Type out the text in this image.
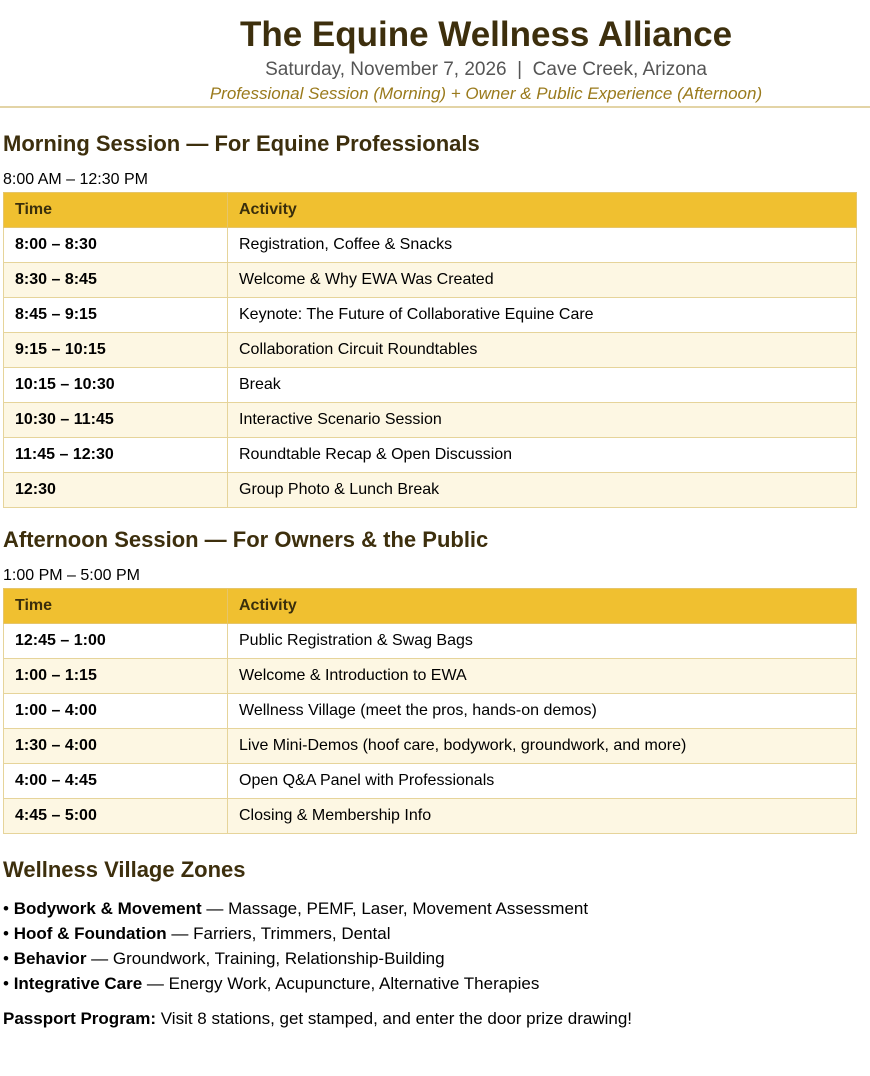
The Equine Wellness Alliance
Saturday, November 7, 2026  |  Cave Creek, Arizona
Professional Session (Morning) + Owner & Public Experience (Afternoon)
Morning Session — For Equine Professionals
8:00 AM – 12:30 PM
Time	Activity
8:00 – 8:30	Registration, Coffee & Snacks
8:30 – 8:45	Welcome & Why EWA Was Created
8:45 – 9:15	Keynote: The Future of Collaborative Equine Care
9:15 – 10:15	Collaboration Circuit Roundtables
10:15 – 10:30	Break
10:30 – 11:45	Interactive Scenario Session
11:45 – 12:30	Roundtable Recap & Open Discussion
12:30	Group Photo & Lunch Break
Afternoon Session — For Owners & the Public
1:00 PM – 5:00 PM
Time	Activity
12:45 – 1:00	Public Registration & Swag Bags
1:00 – 1:15	Welcome & Introduction to EWA
1:00 – 4:00	Wellness Village (meet the pros, hands-on demos)
1:30 – 4:00	Live Mini-Demos (hoof care, bodywork, groundwork, and more)
4:00 – 4:45	Open Q&A Panel with Professionals
4:45 – 5:00	Closing & Membership Info
Wellness Village Zones
• Bodywork & Movement — Massage, PEMF, Laser, Movement Assessment
• Hoof & Foundation — Farriers, Trimmers, Dental
• Behavior — Groundwork, Training, Relationship-Building
• Integrative Care — Energy Work, Acupuncture, Alternative Therapies
Passport Program: Visit 8 stations, get stamped, and enter the door prize drawing!
